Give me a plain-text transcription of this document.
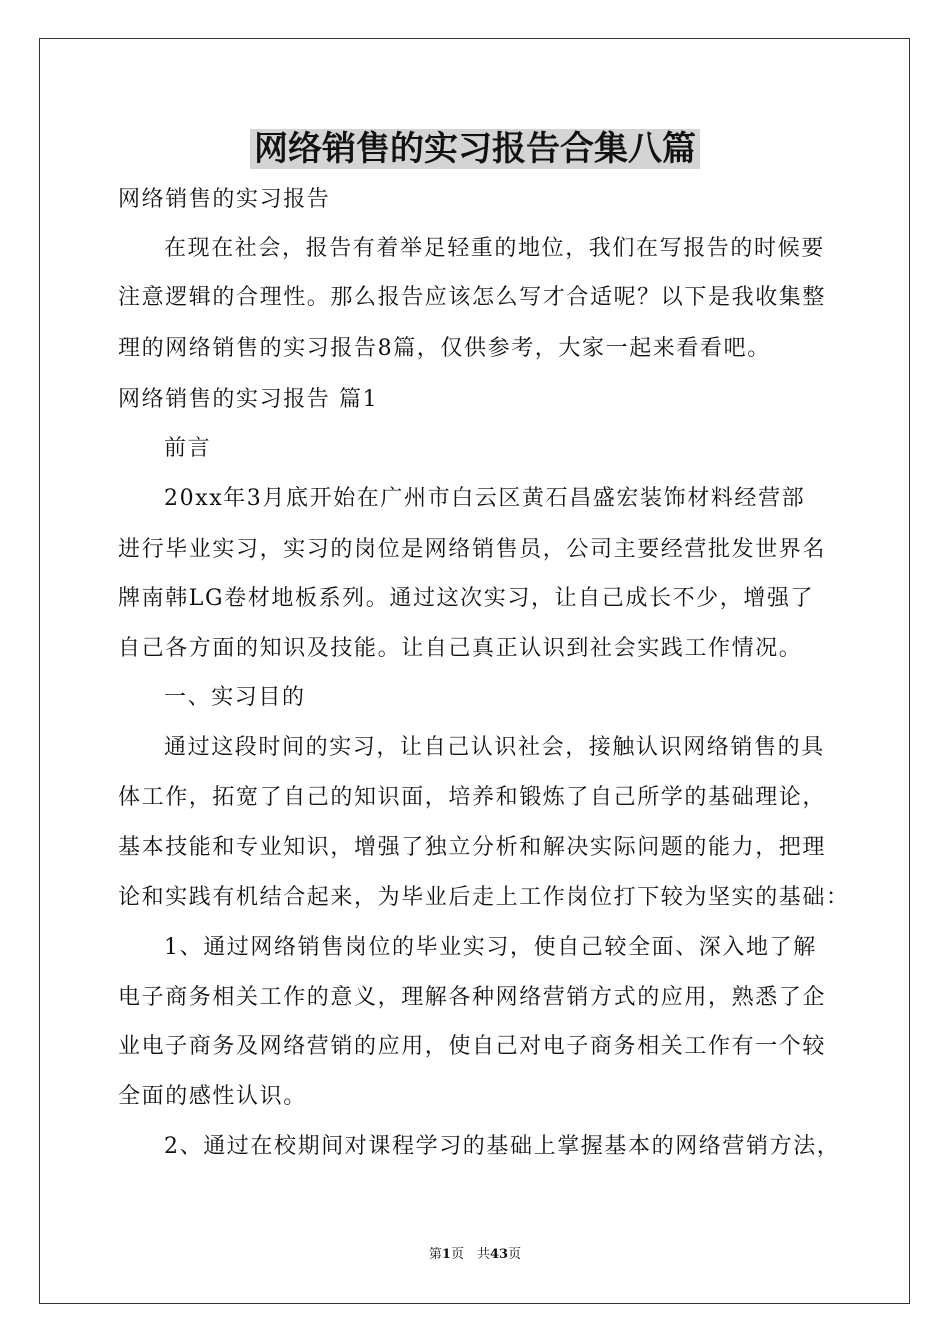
网络销售的实习报告合集八篇
网络销售的实习报告
在现在社会，报告有着举足轻重的地位，我们在写报告的时候要
注意逻辑的合理性。那么报告应该怎么写才合适呢？以下是我收集整
理的网络销售的实习报告8篇，仅供参考，大家一起来看看吧。
网络销售的实习报告 篇1
前言
20xx年3月底开始在广州市白云区黄石昌盛宏装饰材料经营部
进行毕业实习，实习的岗位是网络销售员，公司主要经营批发世界名
牌南韩LG卷材地板系列。通过这次实习，让自己成长不少，增强了
自己各方面的知识及技能。让自己真正认识到社会实践工作情况。
一、实习目的
通过这段时间的实习，让自己认识社会，接触认识网络销售的具
体工作，拓宽了自己的知识面，培养和锻炼了自己所学的基础理论，
基本技能和专业知识，增强了独立分析和解决实际问题的能力，把理
论和实践有机结合起来，为毕业后走上工作岗位打下较为坚实的基础：
1、通过网络销售岗位的毕业实习，使自己较全面、深入地了解
电子商务相关工作的意义，理解各种网络营销方式的应用，熟悉了企
业电子商务及网络营销的应用，使自己对电子商务相关工作有一个较
全面的感性认识。
2、通过在校期间对课程学习的基础上掌握基本的网络营销方法，
第1页　共43页
